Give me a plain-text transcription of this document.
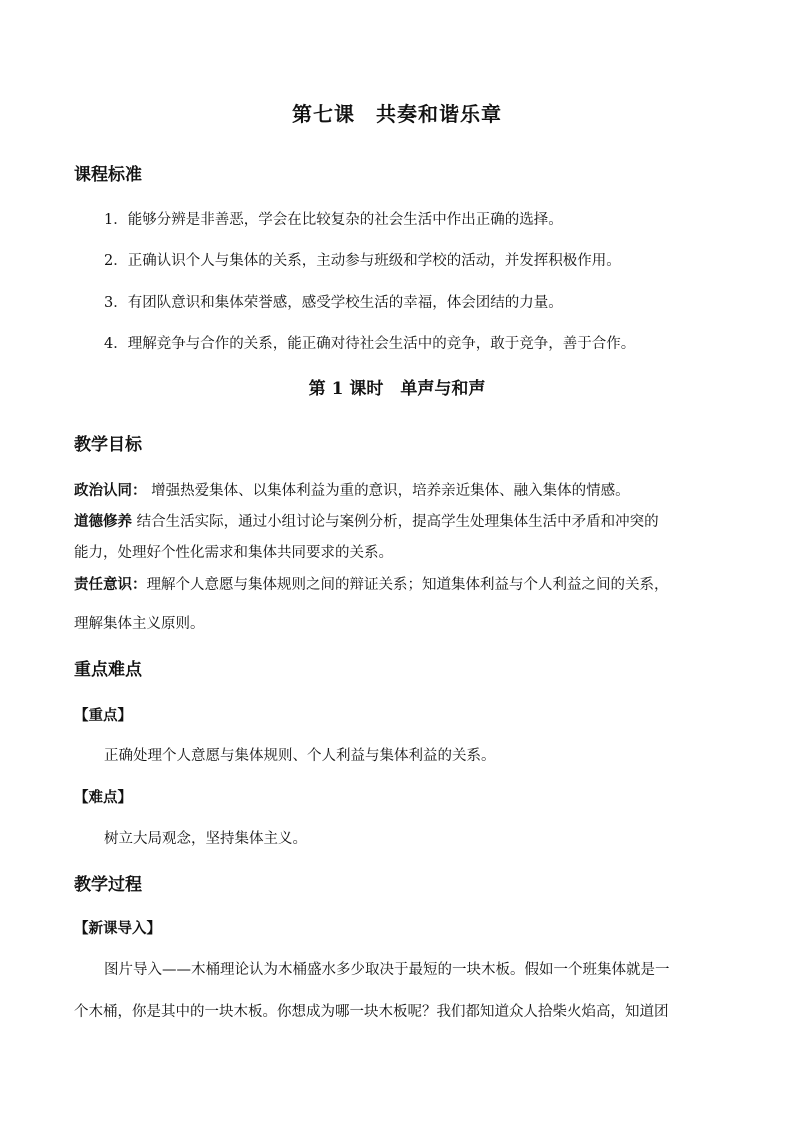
第七课　共奏和谐乐章
课程标准
1．能够分辨是非善恶，学会在比较复杂的社会生活中作出正确的选择。
2．正确认识个人与集体的关系，主动参与班级和学校的活动，并发挥积极作用。
3．有团队意识和集体荣誉感，感受学校生活的幸福，体会团结的力量。
4．理解竞争与合作的关系，能正确对待社会生活中的竞争，敢于竞争，善于合作。
第 1 课时　单声与和声
教学目标
政治认同： 增强热爱集体、以集体利益为重的意识，培养亲近集体、融入集体的情感。
道德修养 结合生活实际，通过小组讨论与案例分析，提高学生处理集体生活中矛盾和冲突的
能力，处理好个性化需求和集体共同要求的关系。
责任意识：理解个人意愿与集体规则之间的辩证关系；知道集体利益与个人利益之间的关系，
理解集体主义原则。
重点难点
【重点】
正确处理个人意愿与集体规则、个人利益与集体利益的关系。
【难点】
树立大局观念，坚持集体主义。
教学过程
【新课导入】
图片导入——木桶理论认为木桶盛水多少取决于最短的一块木板。假如一个班集体就是一
个木桶，你是其中的一块木板。你想成为哪一块木板呢？我们都知道众人拾柴火焰高，知道团
